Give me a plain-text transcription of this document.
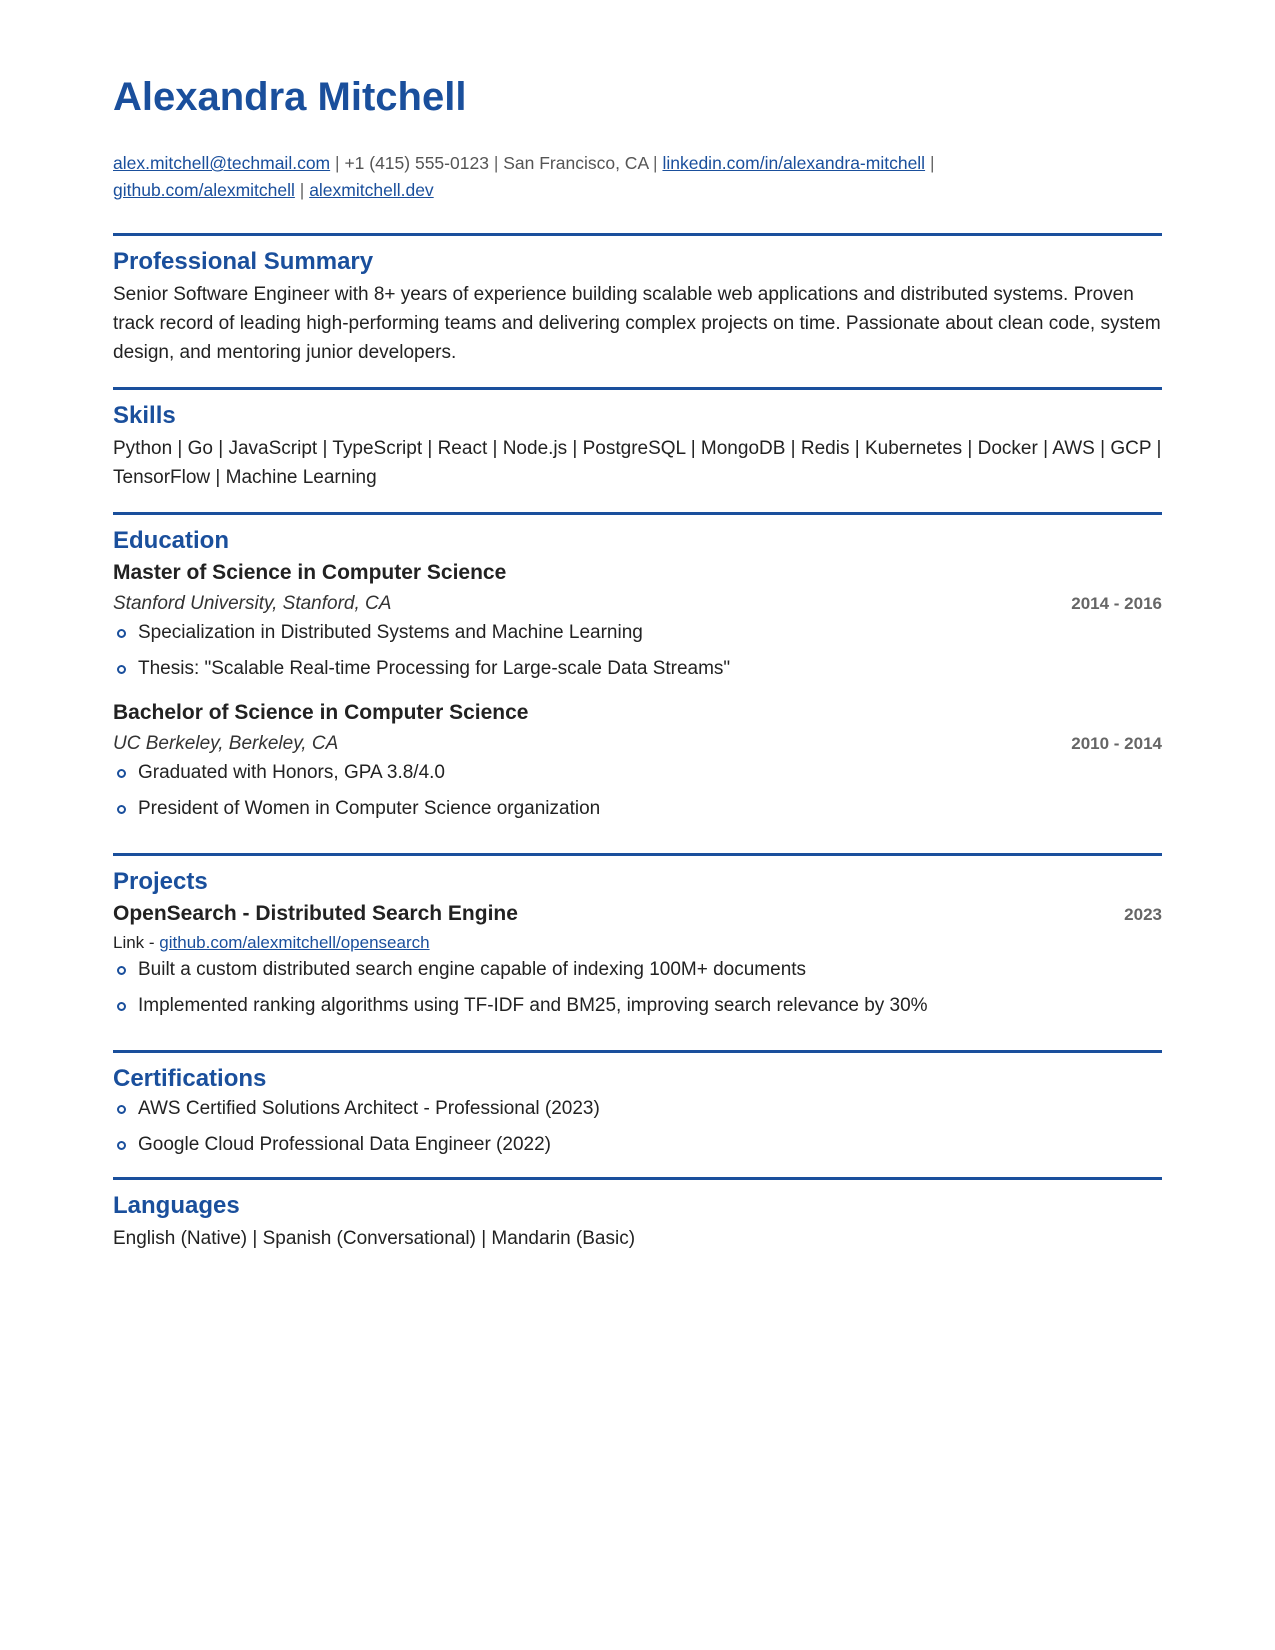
Alexandra Mitchell
alex.mitchell@techmail.com | +1 (415) 555-0123 | San Francisco, CA | linkedin.com/in/alexandra-mitchell |
github.com/alexmitchell | alexmitchell.dev
Professional Summary

Senior Software Engineer with 8+ years of experience building scalable web applications and distributed systems. Proven track record of leading high-performing teams and delivering complex projects on time. Passionate about clean code, system design, and mentoring junior developers.

Skills

Python | Go | JavaScript | TypeScript | React | Node.js | PostgreSQL | MongoDB | Redis | Kubernetes | Docker | AWS | GCP | TensorFlow | Machine Learning

Education
Master of Science in Computer Science
Stanford University, Stanford, CA	2014 - 2016
Specialization in Distributed Systems and Machine Learning
Thesis: "Scalable Real-time Processing for Large-scale Data Streams"
Bachelor of Science in Computer Science
UC Berkeley, Berkeley, CA	2010 - 2014
Graduated with Honors, GPA 3.8/4.0
President of Women in Computer Science organization
Projects
OpenSearch - Distributed Search Engine	2023
Link - github.com/alexmitchell/opensearch
Built a custom distributed search engine capable of indexing 100M+ documents
Implemented ranking algorithms using TF-IDF and BM25, improving search relevance by 30%
Certifications
AWS Certified Solutions Architect - Professional (2023)
Google Cloud Professional Data Engineer (2022)
Languages

English (Native) | Spanish (Conversational) | Mandarin (Basic)
